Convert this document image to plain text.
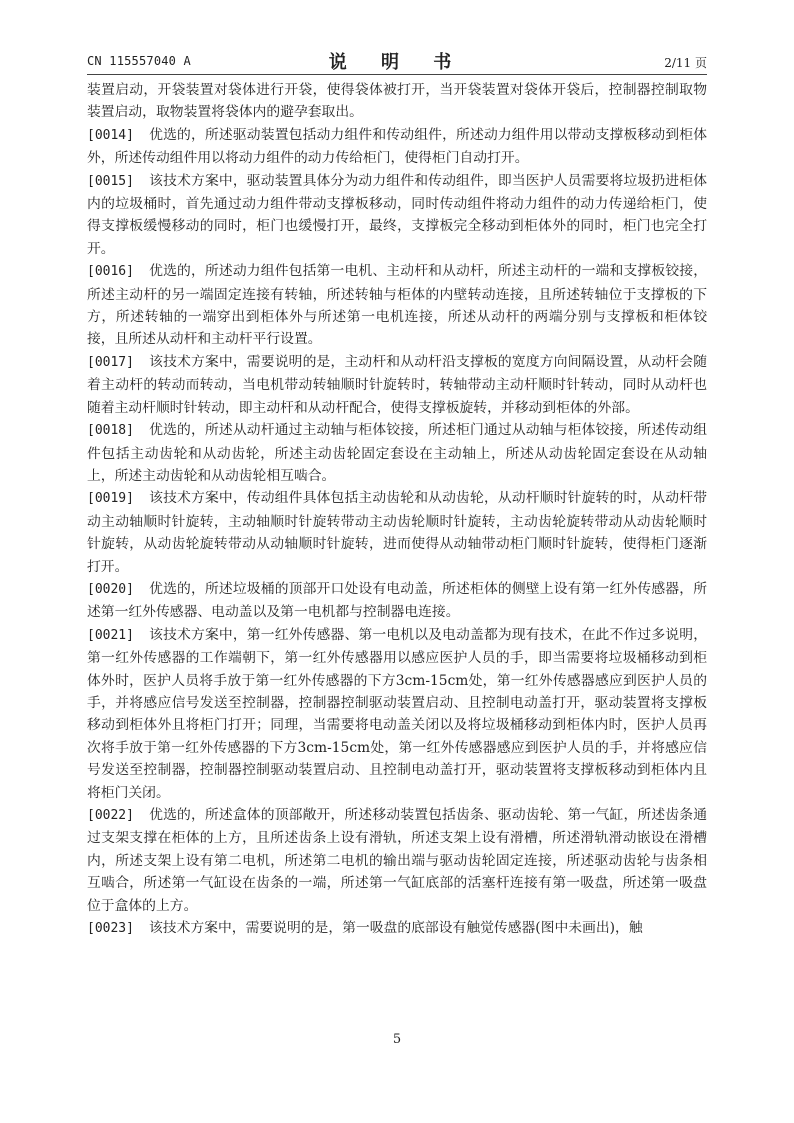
CN 115557040 A	说 明 书	2/11 页

装置启动，开袋装置对袋体进行开袋，使得袋体被打开，当开袋装置对袋体开袋后，控制器控制取物装置启动，取物装置将袋体内的避孕套取出。

[0014] 优选的，所述驱动装置包括动力组件和传动组件，所述动力组件用以带动支撑板移动到柜体外，所述传动组件用以将动力组件的动力传给柜门，使得柜门自动打开。

[0015] 该技术方案中，驱动装置具体分为动力组件和传动组件，即当医护人员需要将垃圾扔进柜体内的垃圾桶时，首先通过动力组件带动支撑板移动，同时传动组件将动力组件的动力传递给柜门，使得支撑板缓慢移动的同时，柜门也缓慢打开，最终，支撑板完全移动到柜体外的同时，柜门也完全打开。

[0016] 优选的，所述动力组件包括第一电机、主动杆和从动杆，所述主动杆的一端和支撑板铰接，所述主动杆的另一端固定连接有转轴，所述转轴与柜体的内壁转动连接，且所述转轴位于支撑板的下方，所述转轴的一端穿出到柜体外与所述第一电机连接，所述从动杆的两端分别与支撑板和柜体铰接，且所述从动杆和主动杆平行设置。

[0017] 该技术方案中，需要说明的是，主动杆和从动杆沿支撑板的宽度方向间隔设置，从动杆会随着主动杆的转动而转动，当电机带动转轴顺时针旋转时，转轴带动主动杆顺时针转动，同时从动杆也随着主动杆顺时针转动，即主动杆和从动杆配合，使得支撑板旋转，并移动到柜体的外部。

[0018] 优选的，所述从动杆通过主动轴与柜体铰接，所述柜门通过从动轴与柜体铰接，所述传动组件包括主动齿轮和从动齿轮，所述主动齿轮固定套设在主动轴上，所述从动齿轮固定套设在从动轴上，所述主动齿轮和从动齿轮相互啮合。

[0019] 该技术方案中，传动组件具体包括主动齿轮和从动齿轮，从动杆顺时针旋转的时，从动杆带动主动轴顺时针旋转，主动轴顺时针旋转带动主动齿轮顺时针旋转，主动齿轮旋转带动从动齿轮顺时针旋转，从动齿轮旋转带动从动轴顺时针旋转，进而使得从动轴带动柜门顺时针旋转，使得柜门逐渐打开。

[0020] 优选的，所述垃圾桶的顶部开口处设有电动盖，所述柜体的侧壁上设有第一红外传感器，所述第一红外传感器、电动盖以及第一电机都与控制器电连接。

[0021] 该技术方案中，第一红外传感器、第一电机以及电动盖都为现有技术，在此不作过多说明，第一红外传感器的工作端朝下，第一红外传感器用以感应医护人员的手，即当需要将垃圾桶移动到柜体外时，医护人员将手放于第一红外传感器的下方3cm-15cm处，第一红外传感器感应到医护人员的手，并将感应信号发送至控制器，控制器控制驱动装置启动、且控制电动盖打开，驱动装置将支撑板移动到柜体外且将柜门打开；同理，当需要将电动盖关闭以及将垃圾桶移动到柜体内时，医护人员再次将手放于第一红外传感器的下方3cm-15cm处，第一红外传感器感应到医护人员的手，并将感应信号发送至控制器，控制器控制驱动装置启动、且控制电动盖打开，驱动装置将支撑板移动到柜体内且将柜门关闭。

[0022] 优选的，所述盒体的顶部敞开，所述移动装置包括齿条、驱动齿轮、第一气缸，所述齿条通过支架支撑在柜体的上方，且所述齿条上设有滑轨，所述支架上设有滑槽，所述滑轨滑动嵌设在滑槽内，所述支架上设有第二电机，所述第二电机的输出端与驱动齿轮固定连接，所述驱动齿轮与齿条相互啮合，所述第一气缸设在齿条的一端，所述第一气缸底部的活塞杆连接有第一吸盘，所述第一吸盘位于盒体的上方。

[0023] 该技术方案中，需要说明的是，第一吸盘的底部设有触觉传感器(图中未画出)，触

5
